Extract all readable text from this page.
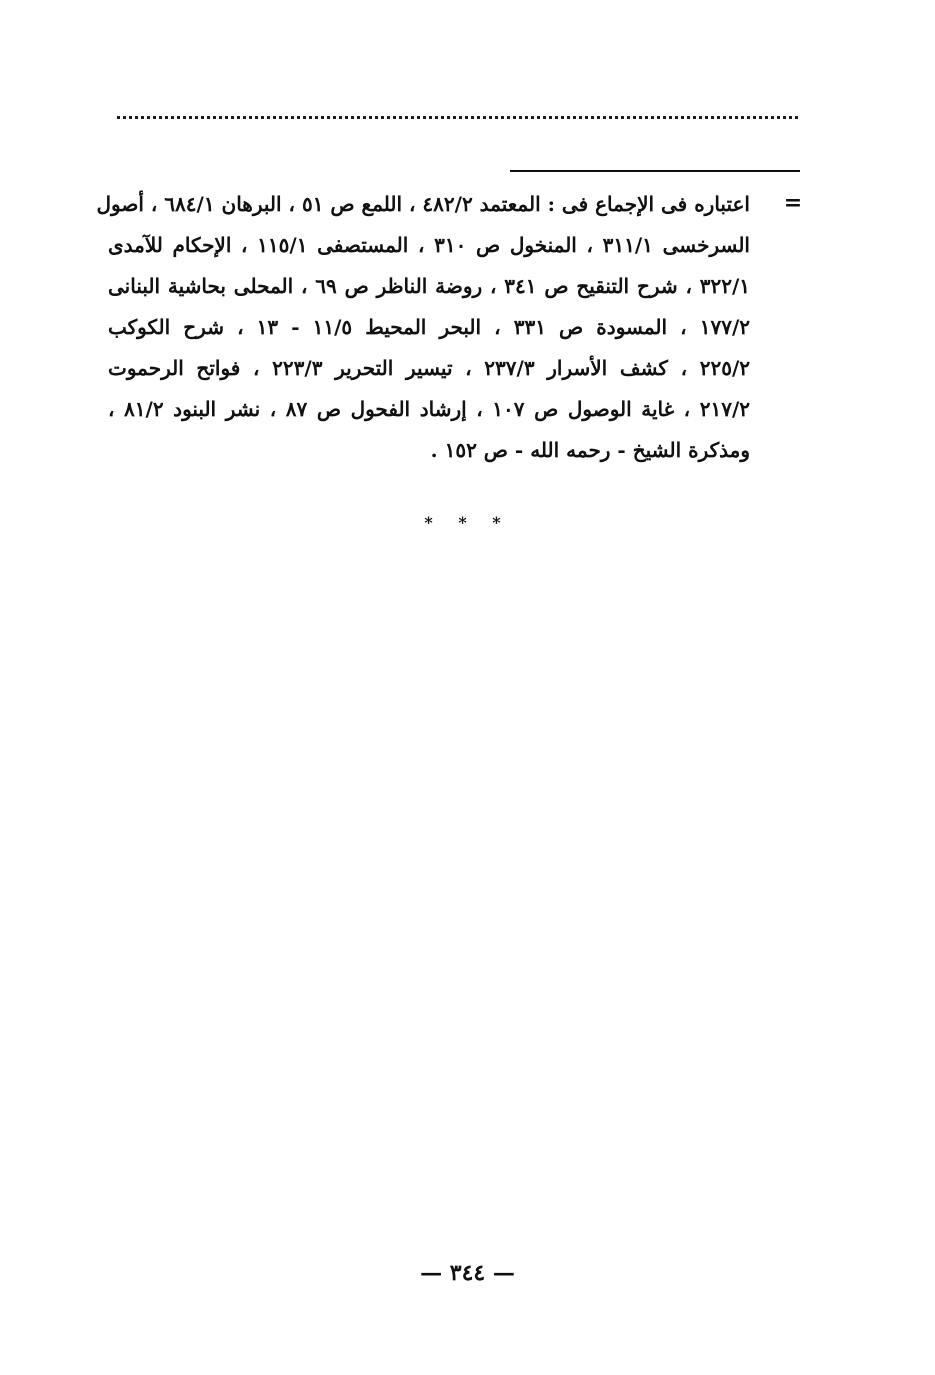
=
اعتباره فى الإجماع فى : المعتمد ٤٨٢/٢ ، اللمع ص ٥١ ، البرهان ٦٨٤/١ ، أصول
السرخسى ٣١١/١ ، المنخول ص ٣١٠ ، المستصفى ١١٥/١ ، الإحكام للآمدى
٣٢٢/١ ، شرح التنقيح ص ٣٤١ ، روضة الناظر ص ٦٩ ، المحلى بحاشية البنانى
١٧٧/٢ ، المسودة ص ٣٣١ ، البحر المحيط ١١/٥ - ١٣ ، شرح الكوكب
٢٢٥/٢ ، كشف الأسرار ٢٣٧/٣ ، تيسير التحرير ٢٢٣/٣ ، فواتح الرحموت
٢١٧/٢ ، غاية الوصول ص ١٠٧ ، إرشاد الفحول ص ٨٧ ، نشر البنود ٨١/٢ ،
ومذكرة الشيخ - رحمه الله - ص ١٥٢ .
* * *
— ٣٤٤ —
